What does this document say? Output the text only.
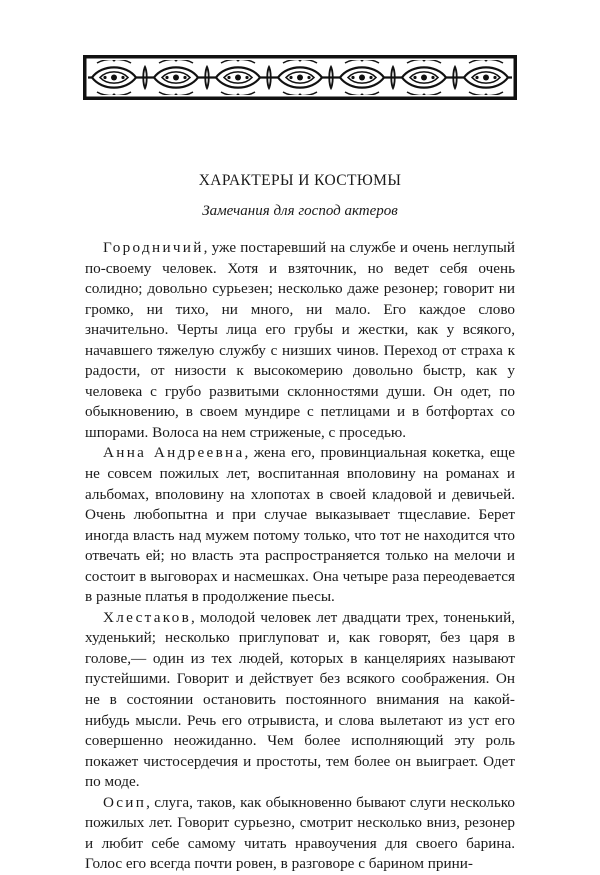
ХАРАКТЕРЫ И КОСТЮМЫ
Замечания для господ актеров

Городничий, уже постаревший на службе и очень неглупый по-своему человек. Хотя и взяточник, но ведет себя очень солидно; довольно сурьезен; несколько даже резонер; говорит ни громко, ни тихо, ни много, ни мало. Его каждое слово значительно. Черты лица его грубы и жестки, как у всякого, начавшего тяжелую службу с низших чинов. Переход от страха к радости, от низости к высокомерию довольно быстр, как у человека с грубо развитыми склонностями души. Он одет, по обыкновению, в своем мундире с петлицами и в ботфортах со шпорами. Волоса на нем стриженые, с проседью.

Анна Андреевна, жена его, провинциальная кокетка, еще не совсем пожилых лет, воспитанная вполовину на романах и альбомах, вполовину на хлопотах в своей кладовой и девичьей. Очень любопытна и при случае выказывает тщеславие. Берет иногда власть над мужем потому только, что тот не находится что отвечать ей; но власть эта распространяется только на мелочи и состоит в выговорах и насмешках. Она четыре раза переодевается в разные платья в продолжение пьесы.

Хлестаков, молодой человек лет двадцати трех, тоненький, худенький; несколько приглуповат и, как говорят, без царя в голове,— один из тех людей, которых в канцеляриях называют пустейшими. Говорит и действует без всякого соображения. Он не в состоянии остановить постоянного внимания на какой-нибудь мысли. Речь его отрывиста, и слова вылетают из уст его совершенно неожиданно. Чем более исполняющий эту роль покажет чистосердечия и простоты, тем более он выиграет. Одет по моде.

Осип, слуга, таков, как обыкновенно бывают слуги несколько пожилых лет. Говорит сурьезно, смотрит несколько вниз, резонер и любит себе самому читать нравоучения для своего барина. Голос его всегда почти ровен, в разговоре с барином прини-
